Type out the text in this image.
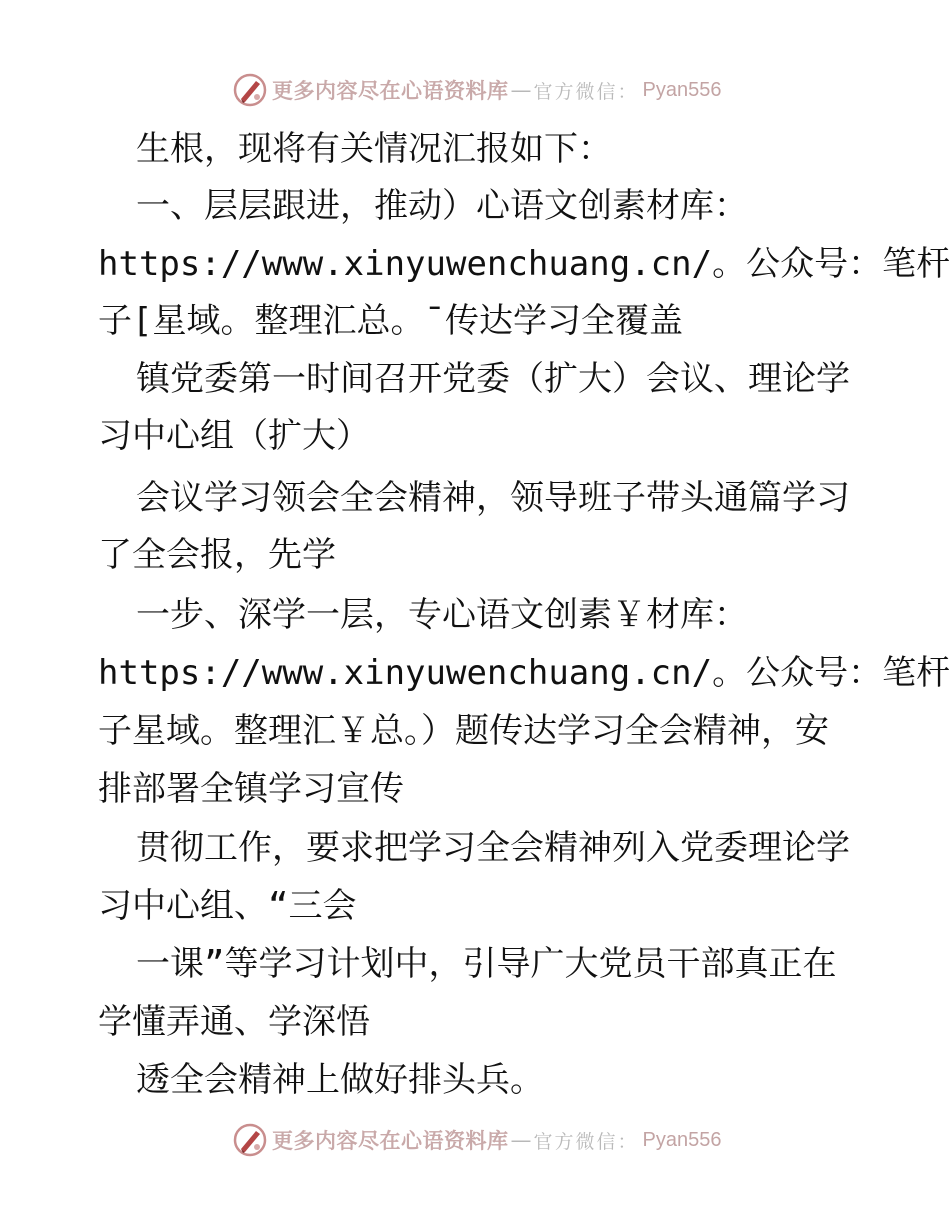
更多内容尽在心语资料库 — 官方微信： Pyan556
生根，现将有关情况汇报如下：
一、层层跟进，推动）心语文创素材库：
https://www.xinyuwenchuang.cn/。公众号：笔杆
子[星域。整理汇总。¯传达学习全覆盖
镇党委第一时间召开党委（扩大）会议、理论学
习中心组（扩大）
会议学习领会全会精神，领导班子带头通篇学习
了全会报，先学
一步、深学一层，专心语文创素￥材库：
https://www.xinyuwenchuang.cn/。公众号：笔杆
子星域。整理汇￥总。）题传达学习全会精神，安
排部署全镇学习宣传
贯彻工作，要求把学习全会精神列入党委理论学
习中心组、“三会
一课”等学习计划中，引导广大党员干部真正在
学懂弄通、学深悟
透全会精神上做好排头兵。
更多内容尽在心语资料库 — 官方微信： Pyan556
